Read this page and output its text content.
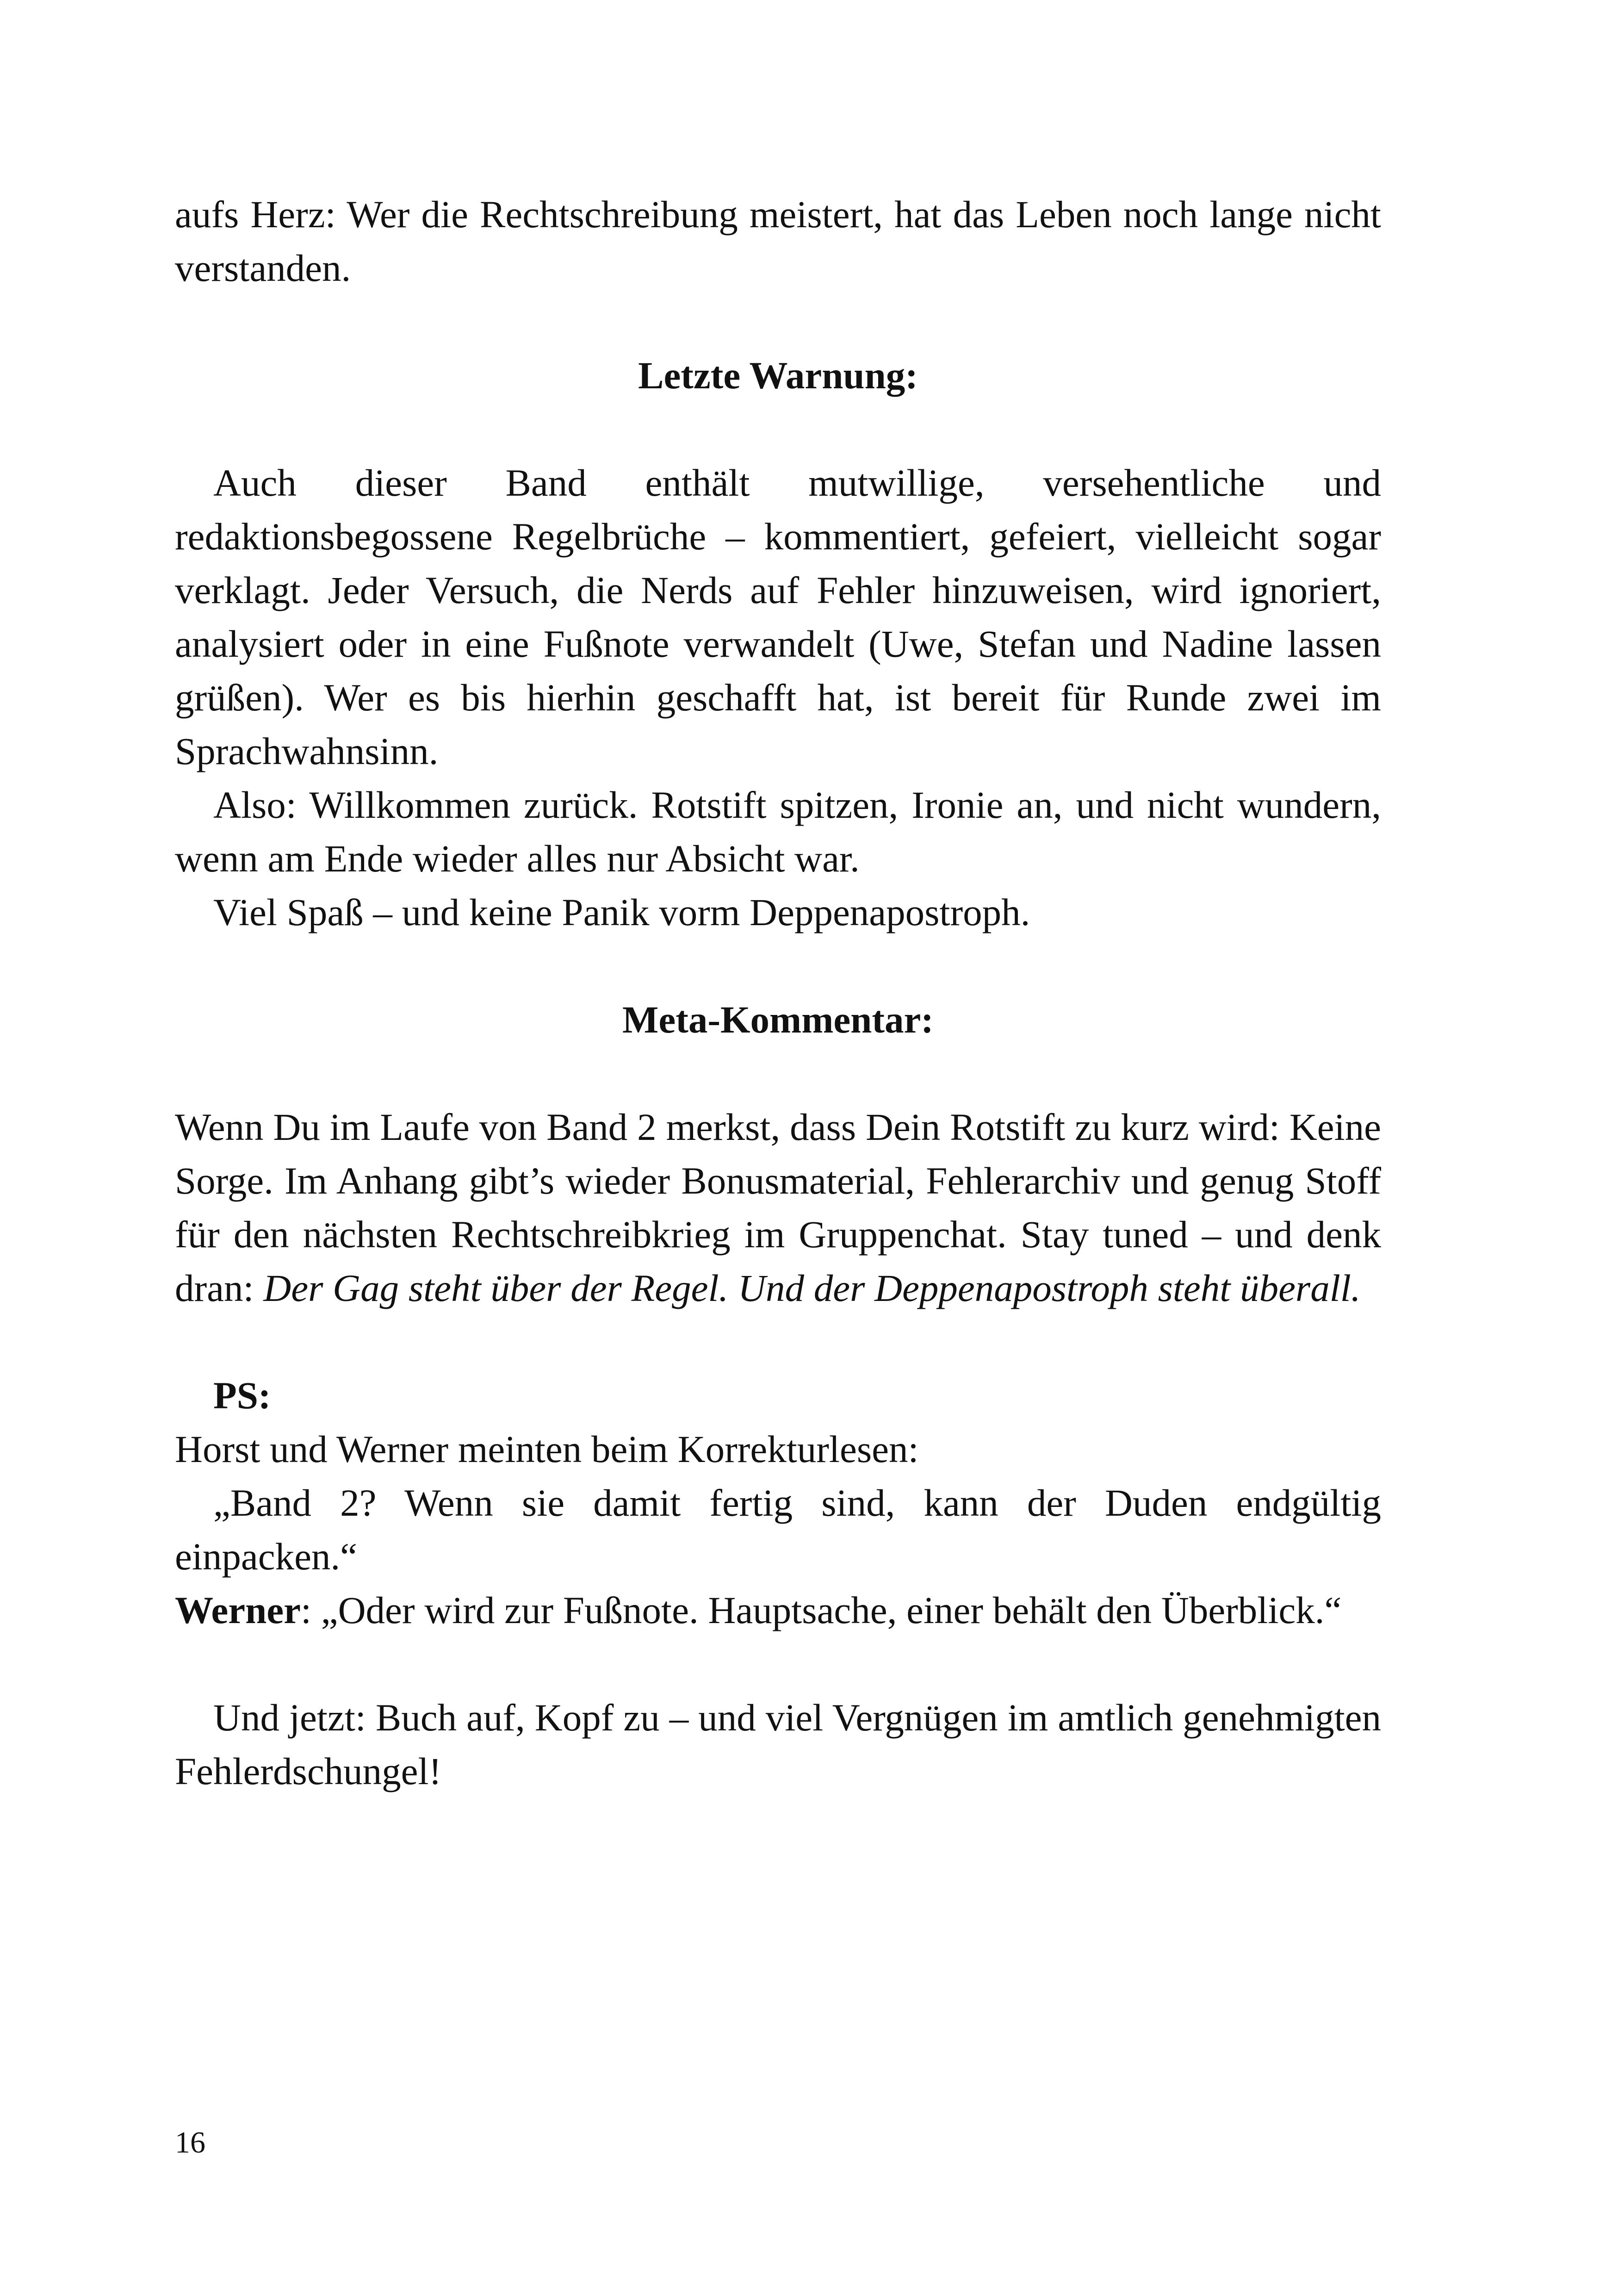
aufs Herz: Wer die Rechtschreibung meistert, hat das Leben noch lange nicht verstanden.

Letzte Warnung:

Auch dieser Band enthält mutwillige, versehentliche und redaktionsbegossene Regelbrüche – kommentiert, gefeiert, vielleicht sogar verklagt. Jeder Versuch, die Nerds auf Fehler hinzuweisen, wird ignoriert, analysiert oder in eine Fußnote verwandelt (Uwe, Stefan und Nadine lassen grüßen). Wer es bis hierhin geschafft hat, ist bereit für Runde zwei im Sprachwahnsinn.

Also: Willkommen zurück. Rotstift spitzen, Ironie an, und nicht wundern, wenn am Ende wieder alles nur Absicht war.

Viel Spaß – und keine Panik vorm Deppenapostroph.

Meta-Kommentar:

Wenn Du im Laufe von Band 2 merkst, dass Dein Rotstift zu kurz wird: Keine Sorge. Im Anhang gibt’s wieder Bonusmaterial, Fehlerarchiv und genug Stoff für den nächsten Rechtschreibkrieg im Gruppenchat. Stay tuned – und denk dran: Der Gag steht über der Regel. Und der Deppenapostroph steht überall.

PS:

Horst und Werner meinten beim Korrekturlesen:

„Band 2? Wenn sie damit fertig sind, kann der Duden endgültig einpacken.“

Werner: „Oder wird zur Fußnote. Hauptsache, einer behält den Überblick.“

Und jetzt: Buch auf, Kopf zu – und viel Vergnügen im amtlich genehmigten Fehlerdschungel!

16
